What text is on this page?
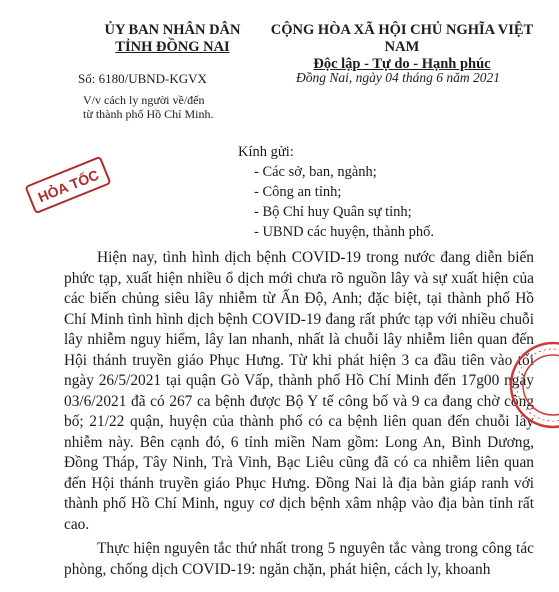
ỦY BAN NHÂN DÂN
TỈNH ĐỒNG NAI
Số: 6180/UBND-KGVX
V/v cách ly người về/đến
từ thành phố Hồ Chí Minh.
CỘNG HÒA XÃ HỘI CHỦ NGHĨA VIỆT NAM
Độc lập - Tự do - Hạnh phúc
Đồng Nai, ngày 04 tháng 6 năm 2021
HỎA TỐC
Kính gửi:
- Các sở, ban, ngành;
- Công an tỉnh;
- Bộ Chỉ huy Quân sự tỉnh;
- UBND các huyện, thành phố.

Hiện nay, tình hình dịch bệnh COVID-19 trong nước đang diễn biến phức tạp, xuất hiện nhiều ổ dịch mới chưa rõ nguồn lây và sự xuất hiện của các biến chủng siêu lây nhiễm từ Ấn Độ, Anh; đặc biệt, tại thành phố Hồ Chí Minh tình hình dịch bệnh COVID-19 đang rất phức tạp với nhiều chuỗi lây nhiễm nguy hiểm, lây lan nhanh, nhất là chuỗi lây nhiễm liên quan đến Hội thánh truyền giáo Phục Hưng. Từ khi phát hiện 3 ca đầu tiên vào tối ngày 26/5/2021 tại quận Gò Vấp, thành phố Hồ Chí Minh đến 17g00 ngày 03/6/2021 đã có 267 ca bệnh được Bộ Y tế công bố và 9 ca đang chờ công bố; 21/22 quận, huyện của thành phố có ca bệnh liên quan đến chuỗi lây nhiễm này. Bên cạnh đó, 6 tỉnh miền Nam gồm: Long An, Bình Dương, Đồng Tháp, Tây Ninh, Trà Vinh, Bạc Liêu cũng đã có ca nhiễm liên quan đến Hội thánh truyền giáo Phục Hưng. Đồng Nai là địa bàn giáp ranh với thành phố Hồ Chí Minh, nguy cơ dịch bệnh xâm nhập vào địa bàn tỉnh rất cao.

Thực hiện nguyên tắc thứ nhất trong 5 nguyên tắc vàng trong công tác phòng, chống dịch COVID-19: ngăn chặn, phát hiện, cách ly, khoanh
